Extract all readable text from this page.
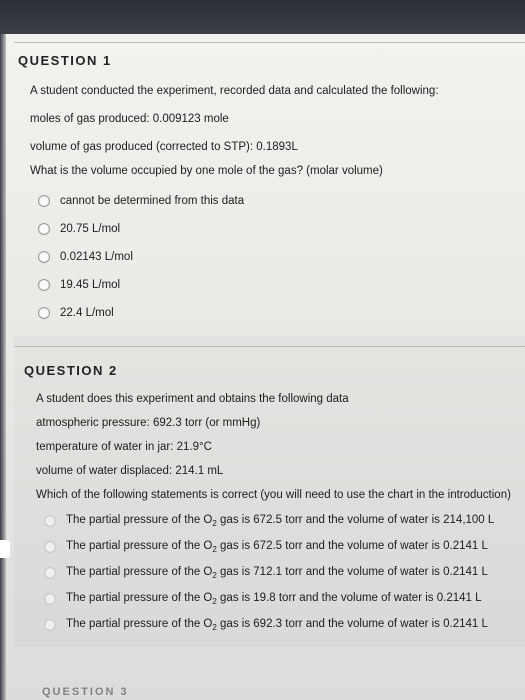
QUESTION 1
A student conducted the experiment, recorded data and calculated the following:
moles of gas produced: 0.009123 mole
volume of gas produced (corrected to STP): 0.1893L
What is the volume occupied by one mole of the gas? (molar volume)
cannot be determined from this data
20.75 L/mol
0.02143 L/mol
19.45 L/mol
22.4 L/mol
QUESTION 2
A student does this experiment and obtains the following data
atmospheric pressure: 692.3 torr (or mmHg)
temperature of water in jar: 21.9°C
volume of water displaced: 214.1 mL
Which of the following statements is correct (you will need to use the chart in the introduction)
The partial pressure of the $O_2$ gas is 672.5 torr and the volume of water is 214,100 L
The partial pressure of the $O_2$ gas is 672.5 torr and the volume of water is 0.2141 L
The partial pressure of the $O_2$ gas is 712.1 torr and the volume of water is 0.2141 L
The partial pressure of the $O_2$ gas is 19.8 torr and the volume of water is 0.2141 L
The partial pressure of the $O_2$ gas is 692.3 torr and the volume of water is 0.2141 L
QUESTION 3
